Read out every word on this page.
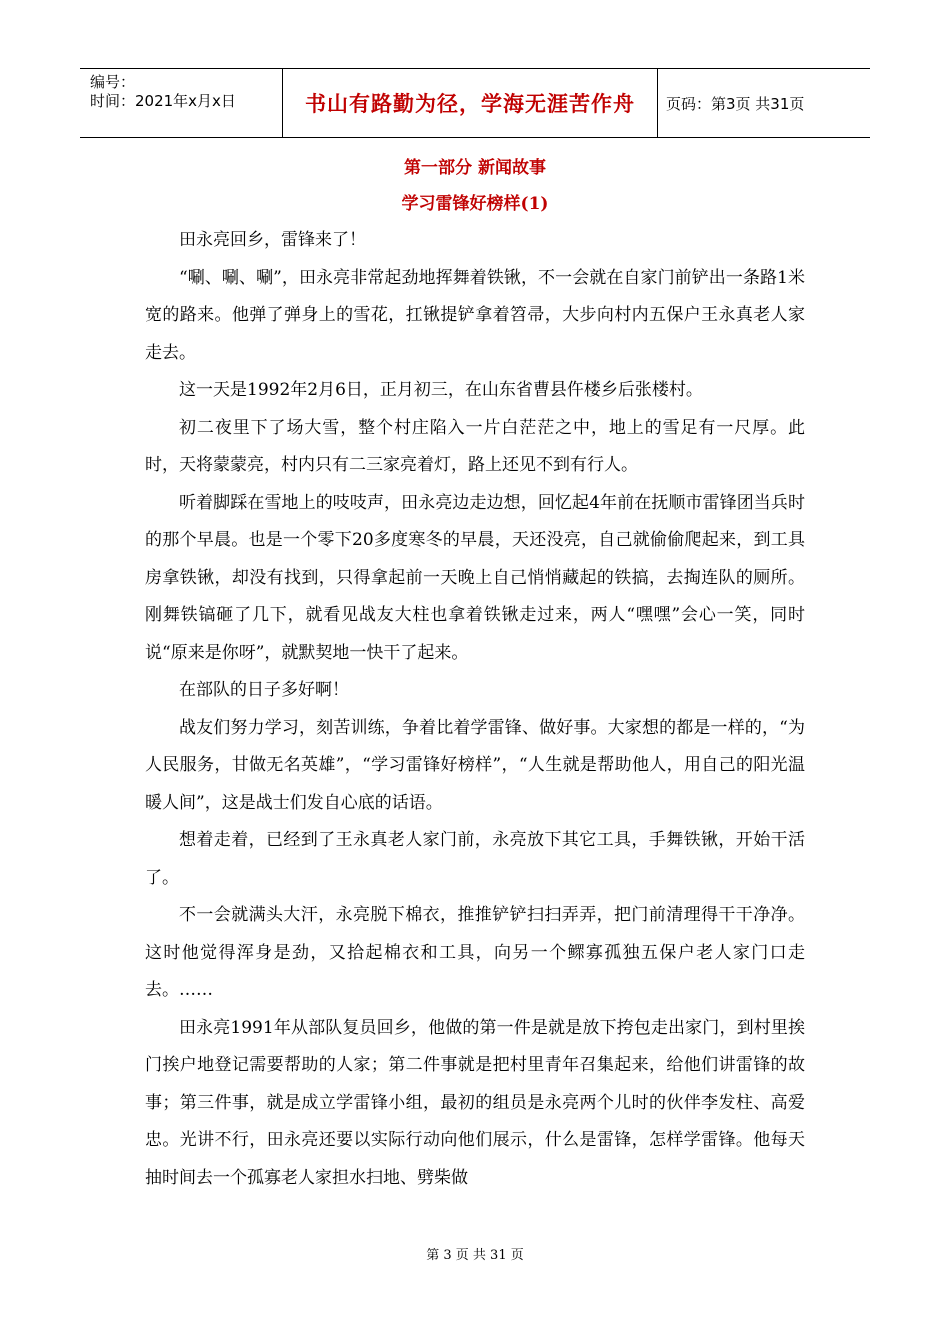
编号：
时间：2021年x月x日	书山有路勤为径，学海无涯苦作舟 页码：第3页 共31页
第一部分 新闻故事
学习雷锋好榜样(1)

田永亮回乡，雷锋来了！

“唰、唰、唰”，田永亮非常起劲地挥舞着铁锹，不一会就在自家门前铲出一条路1米宽的路来。他弹了弹身上的雪花，扛锹提铲拿着笤帚，大步向村内五保户王永真老人家走去。

这一天是1992年2月6日，正月初三，在山东省曹县仵楼乡后张楼村。

初二夜里下了场大雪，整个村庄陷入一片白茫茫之中，地上的雪足有一尺厚。此时，天将蒙蒙亮，村内只有二三家亮着灯，路上还见不到有行人。

听着脚踩在雪地上的吱吱声，田永亮边走边想，回忆起4年前在抚顺市雷锋团当兵时的那个早晨。也是一个零下20多度寒冬的早晨，天还没亮，自己就偷偷爬起来，到工具房拿铁锹，却没有找到，只得拿起前一天晚上自己悄悄藏起的铁搞，去掏连队的厕所。刚舞铁镐砸了几下，就看见战友大柱也拿着铁锹走过来，两人“嘿嘿”会心一笑，同时说“原来是你呀”，就默契地一快干了起来。

在部队的日子多好啊！

战友们努力学习，刻苦训练，争着比着学雷锋、做好事。大家想的都是一样的，“为人民服务，甘做无名英雄”，“学习雷锋好榜样”，“人生就是帮助他人，用自己的阳光温暖人间”，这是战士们发自心底的话语。

想着走着，已经到了王永真老人家门前，永亮放下其它工具，手舞铁锹，开始干活了。

不一会就满头大汗，永亮脱下棉衣，推推铲铲扫扫弄弄，把门前清理得干干净净。这时他觉得浑身是劲，又拾起棉衣和工具，向另一个鳏寡孤独五保户老人家门口走去。……

田永亮1991年从部队复员回乡，他做的第一件是就是放下挎包走出家门，到村里挨门挨户地登记需要帮助的人家；第二件事就是把村里青年召集起来，给他们讲雷锋的故事；第三件事，就是成立学雷锋小组，最初的组员是永亮两个儿时的伙伴李发柱、高爱忠。光讲不行，田永亮还要以实际行动向他们展示，什么是雷锋，怎样学雷锋。他每天抽时间去一个孤寡老人家担水扫地、劈柴做

第 3 页 共 31 页
